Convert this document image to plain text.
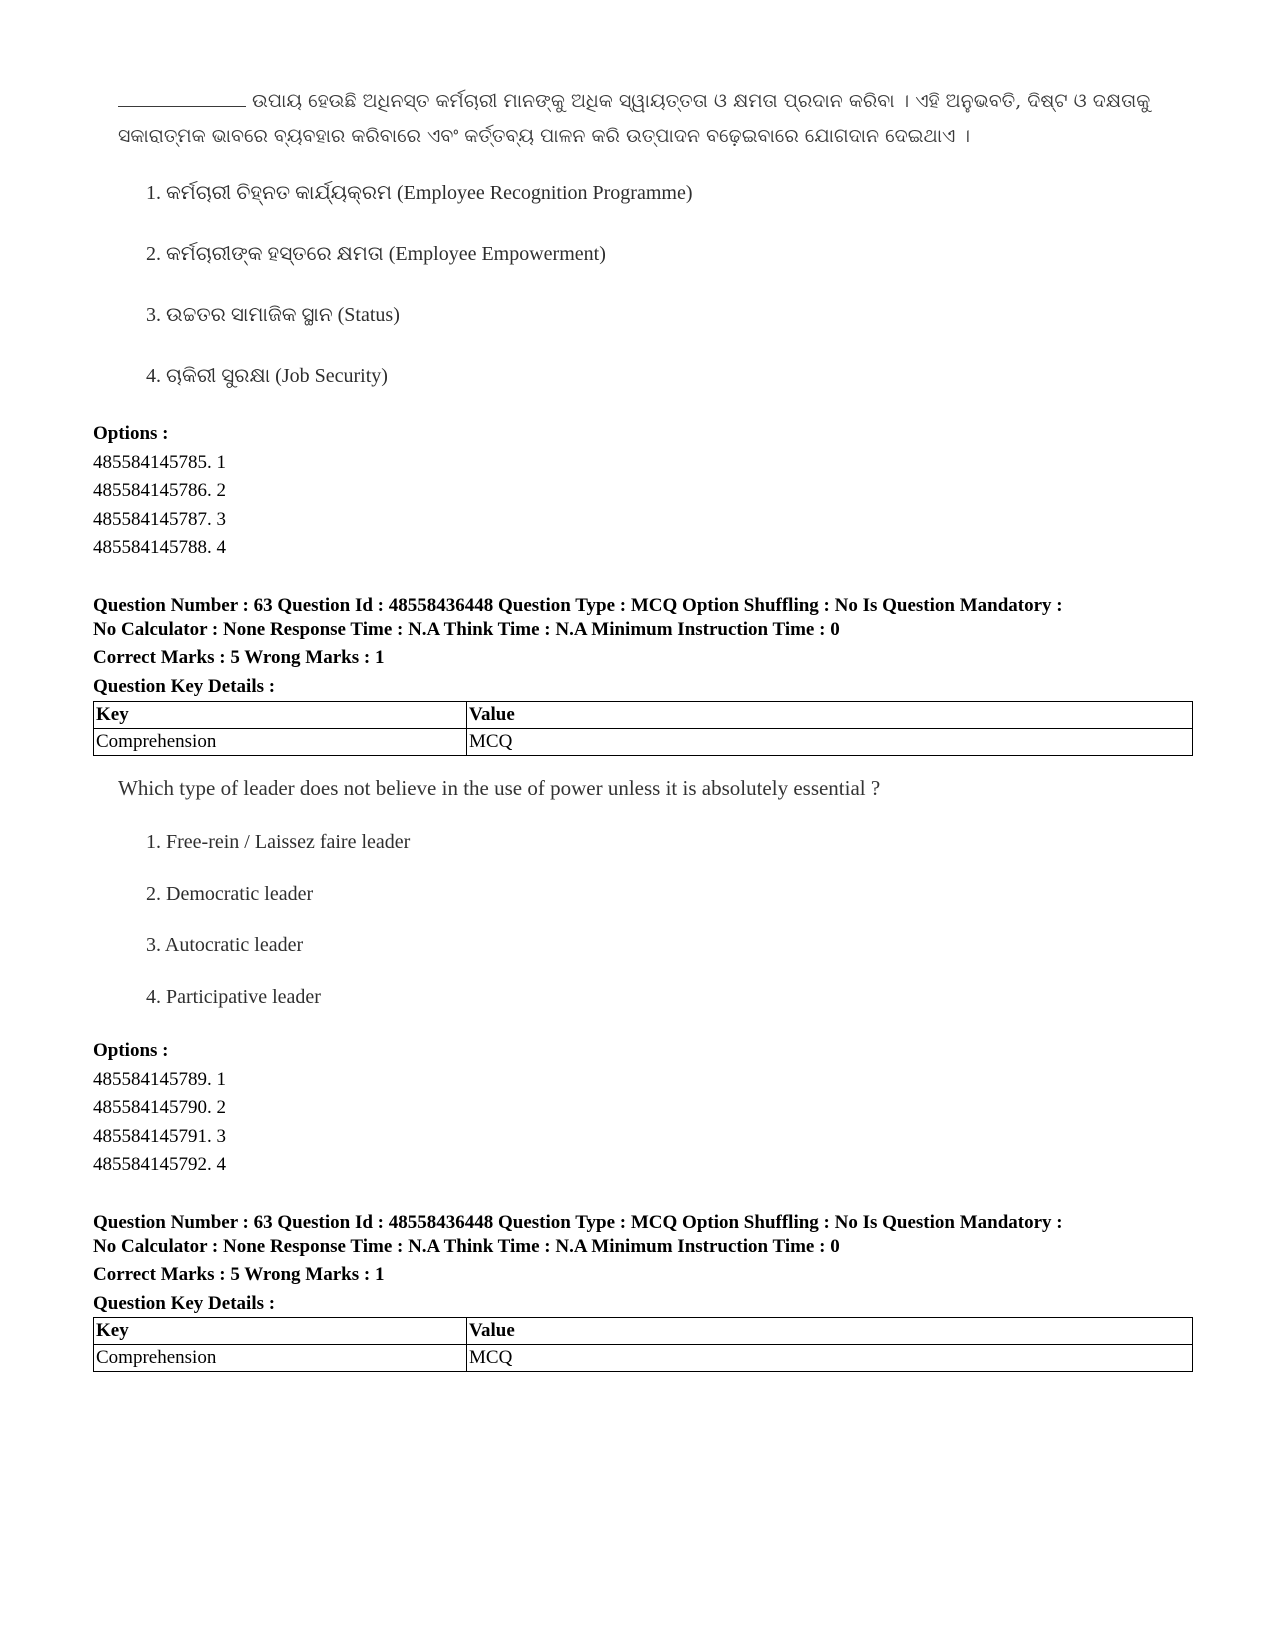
ଉପାୟ ହେଉଛି ଅଧିନସ୍ତ କର୍ମଚାରୀ ମାନଙ୍କୁ ଅଧିକ ସ୍ୱାୟତ୍ତତା ଓ କ୍ଷମତା ପ୍ରଦାନ କରିବା । ଏହି ଅନୁଭବତି, ଦିଷ୍ଟ ଓ ଦକ୍ଷତାକୁ ସକାରାତ୍ମକ ଭାବରେ ବ୍ୟବହାର କରିବାରେ ଏବଂ କର୍ତ୍ତବ୍ୟ ପାଳନ କରି ଉତ୍ପାଦନ ବଢ଼େଇବାରେ ଯୋଗଦାନ ଦେଇଥାଏ ।
1. କର୍ମଚାରୀ ଚିହ୍ନତ କାର୍ଯ୍ୟକ୍ରମ (Employee Recognition Programme)
2. କର୍ମଚାରୀଙ୍କ ହସ୍ତରେ କ୍ଷମତା (Employee Empowerment)
3. ଉଚ୍ଚତର ସାମାଜିକ ସ୍ଥାନ (Status)
4. ଚାକିରୀ ସୁରକ୍ଷା (Job Security)
Options :
485584145785. 1
485584145786. 2
485584145787. 3
485584145788. 4
Question Number : 63 Question Id : 48558436448 Question Type : MCQ Option Shuffling : No Is Question Mandatory :
No Calculator : None Response Time : N.A Think Time : N.A Minimum Instruction Time : 0
Correct Marks : 5 Wrong Marks : 1
Question Key Details :
Key	Value
Comprehension	MCQ
Which type of leader does not believe in the use of power unless it is absolutely essential ?
1. Free-rein / Laissez faire leader
2. Democratic leader
3. Autocratic leader
4. Participative leader
Options :
485584145789. 1
485584145790. 2
485584145791. 3
485584145792. 4
Question Number : 63 Question Id : 48558436448 Question Type : MCQ Option Shuffling : No Is Question Mandatory :
No Calculator : None Response Time : N.A Think Time : N.A Minimum Instruction Time : 0
Correct Marks : 5 Wrong Marks : 1
Question Key Details :
Key	Value
Comprehension	MCQ
